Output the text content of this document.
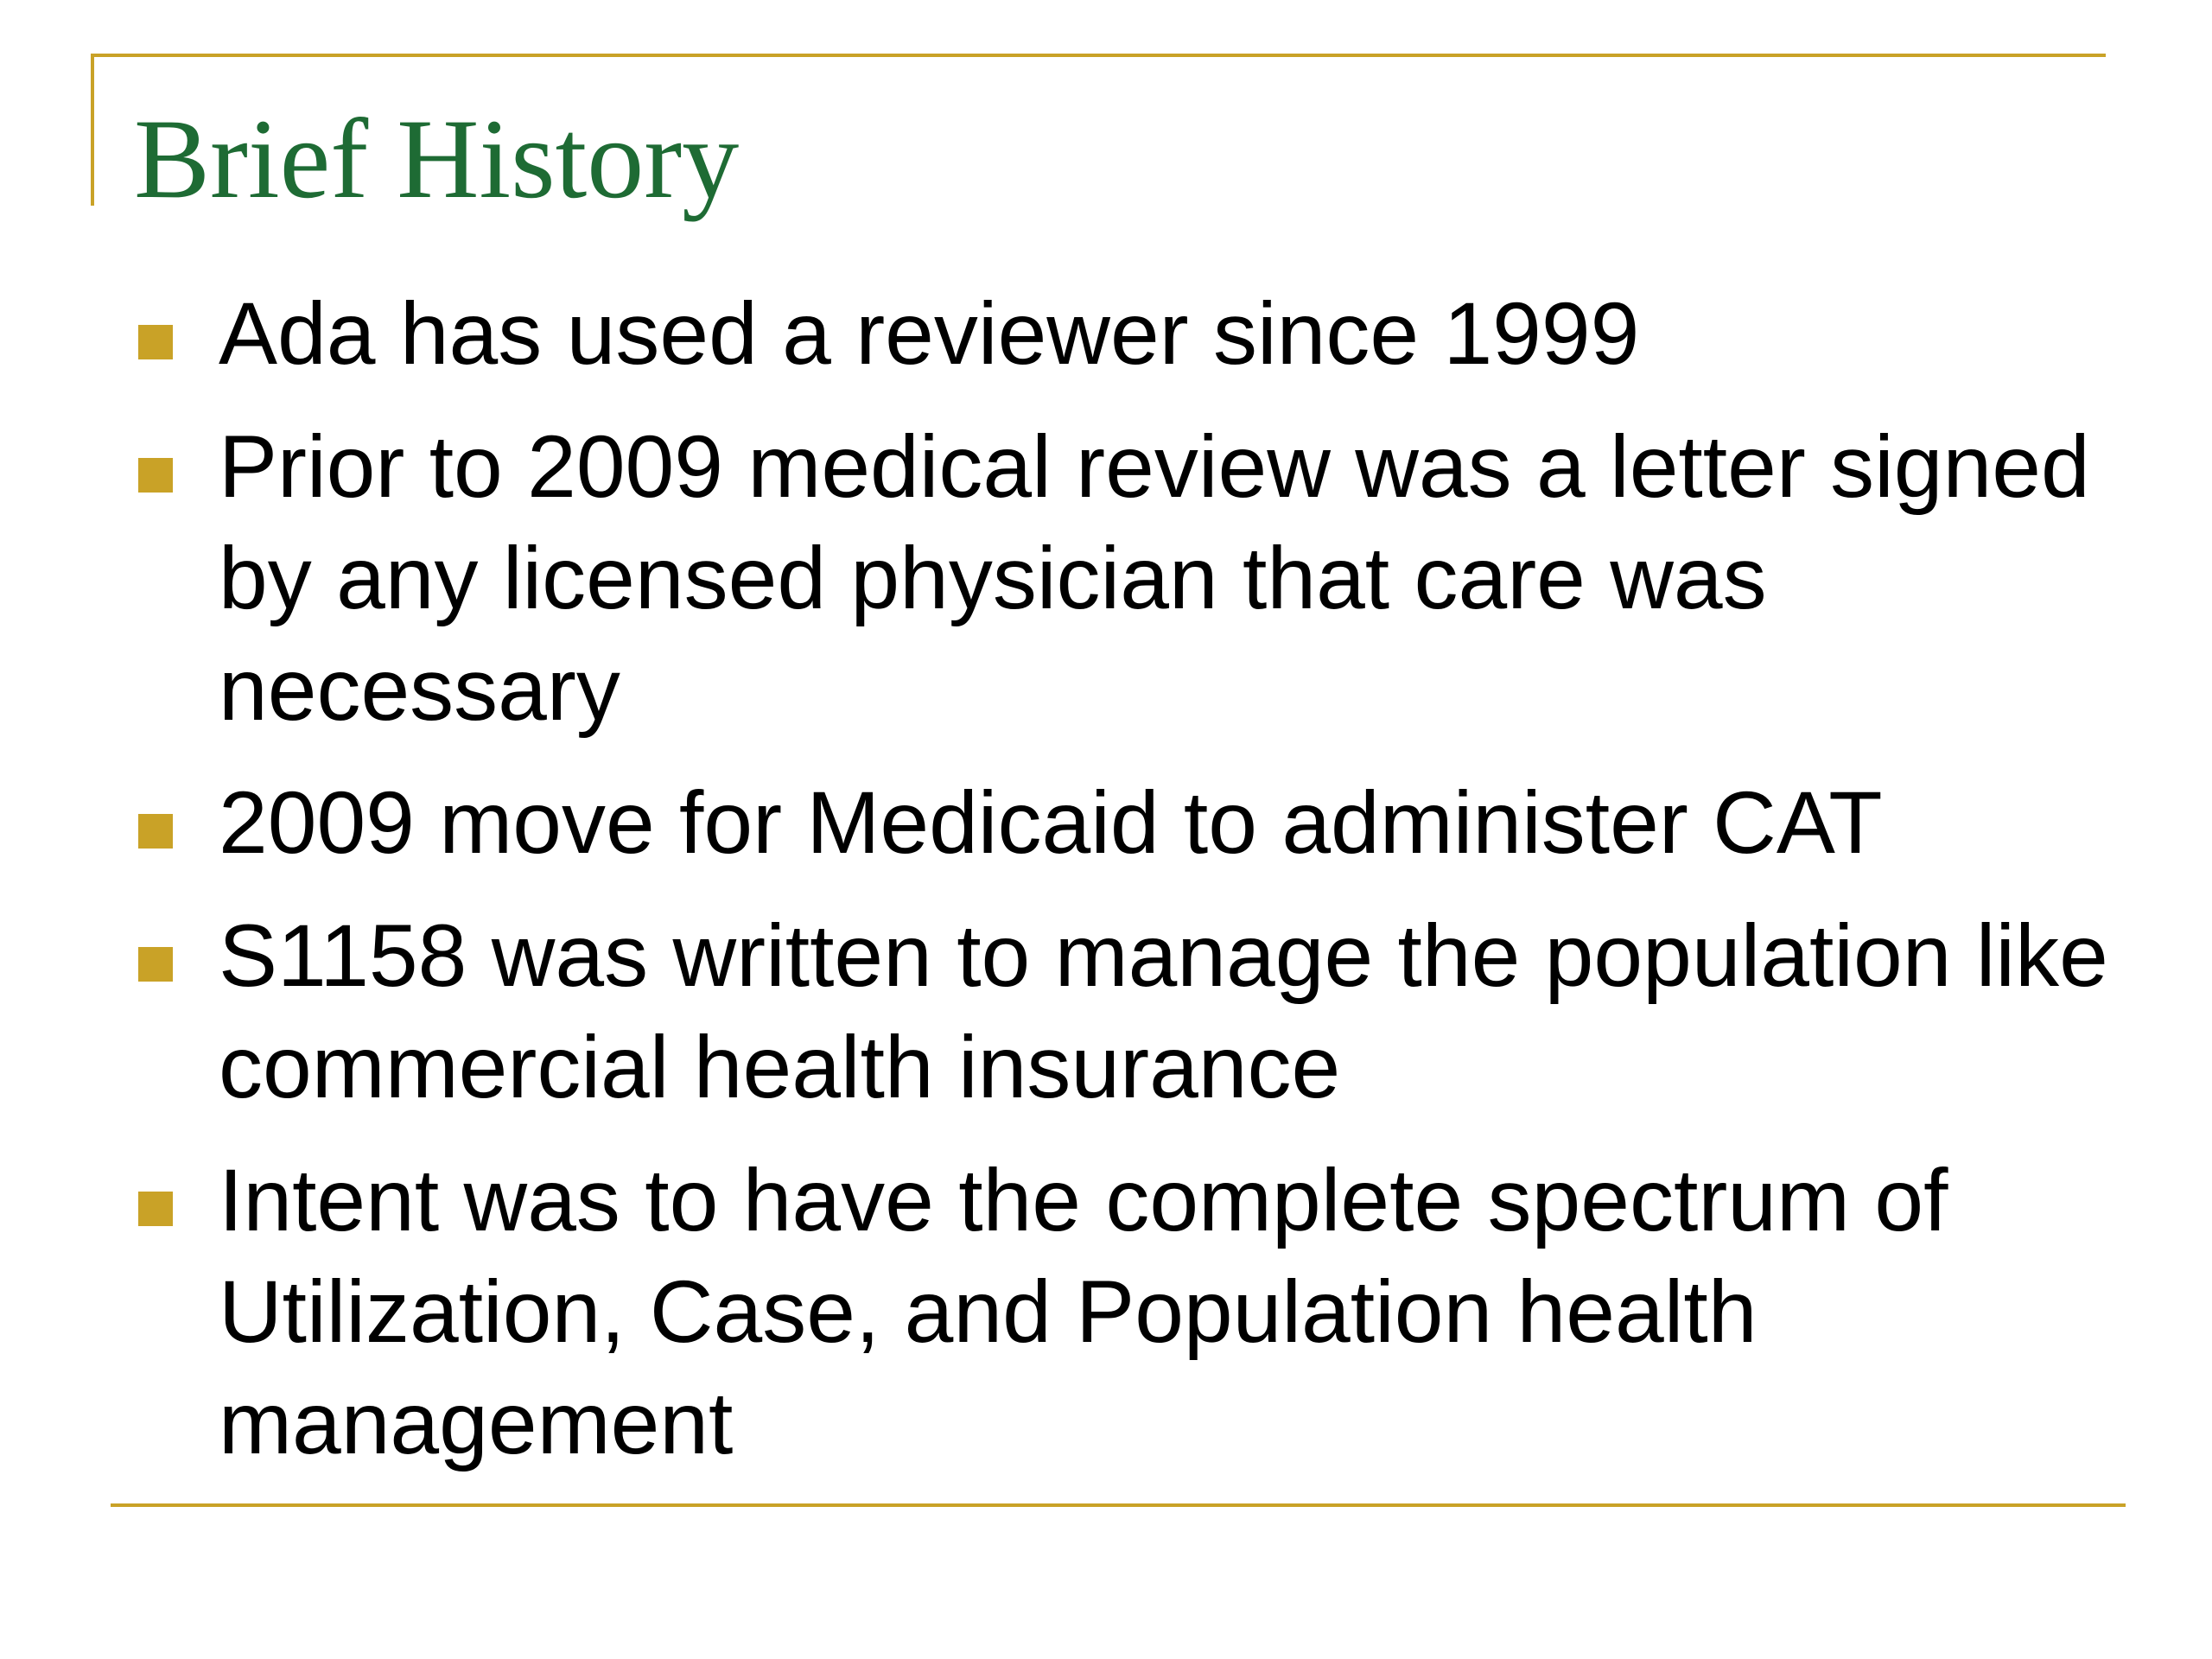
Brief History
Ada has used a reviewer since 1999
Prior to 2009 medical review was a letter signed by any licensed physician that care was necessary
2009 move for Medicaid to administer CAT
S1158 was written to manage the population like commercial health insurance
Intent was to have the complete spectrum of Utilization, Case, and Population health management
